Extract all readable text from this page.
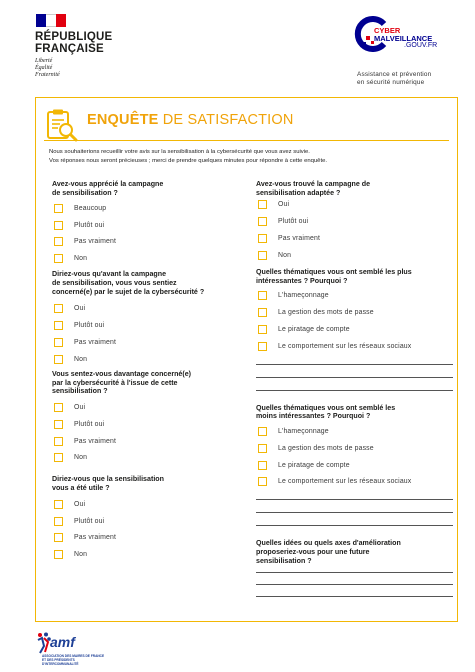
RÉPUBLIQUE
FRANÇAISE
Liberté
Égalité
Fraternité
CYBER
MALVEILLANCE
.GOUV.FR
Assistance et prévention
en sécurité numérique
ENQUÊTE DE SATISFACTION
Nous souhaiterions recueillir votre avis sur la sensibilisation à la cybersécurité que vous avez suivie.
Vos réponses nous seront précieuses ; merci de prendre quelques minutes pour répondre à cette enquête.
Avez-vous apprécié la campagne
de sensibilisation ?
Beaucoup
Plutôt oui
Pas vraiment
Non
Diriez-vous qu'avant la campagne
de sensibilisation, vous vous sentiez
concerné(e) par le sujet de la cybersécurité ?
Oui
Plutôt oui
Pas vraiment
Non
Vous sentez-vous davantage concerné(e)
par la cybersécurité à l'issue de cette
sensibilisation ?
Oui
Plutôt oui
Pas vraiment
Non
Diriez-vous que la sensibilisation
vous a été utile ?
Oui
Plutôt oui
Pas vraiment
Non
Avez-vous trouvé la campagne de
sensibilisation adaptée ?
Oui
Plutôt oui
Pas vraiment
Non
Quelles thématiques vous ont semblé les plus
intéressantes ? Pourquoi ?
L'hameçonnage
La gestion des mots de passe
Le piratage de compte
Le comportement sur les réseaux sociaux
Quelles thématiques vous ont semblé les
moins intéressantes ? Pourquoi ?
L'hameçonnage
La gestion des mots de passe
Le piratage de compte
Le comportement sur les réseaux sociaux
Quelles idées ou quels axes d'amélioration
proposeriez-vous pour une future
sensibilisation ?
amf
ASSOCIATION DES MAIRES DE FRANCE
ET DES PRÉSIDENTS D'INTERCOMMUNALITÉ
